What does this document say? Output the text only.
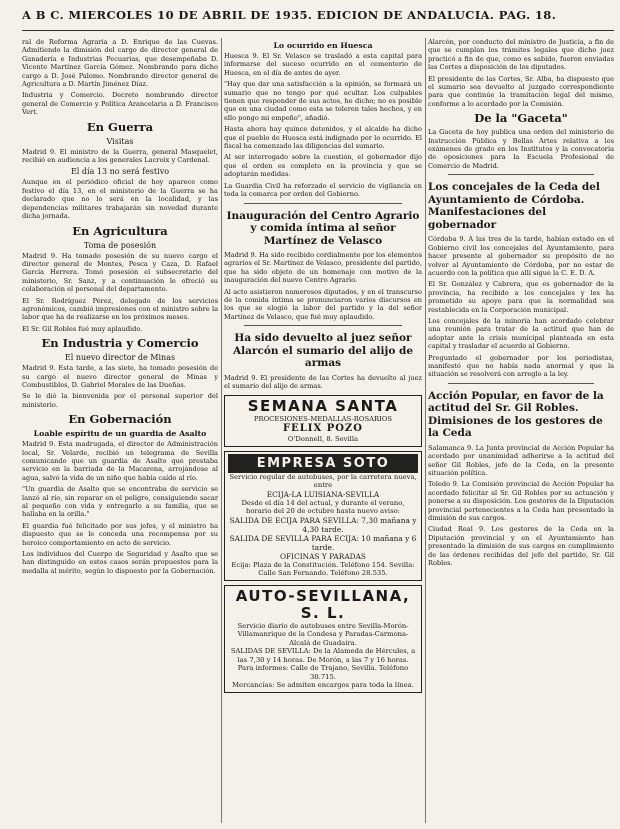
A B C. MIERCOLES 10 DE ABRIL DE 1935. EDICION DE ANDALUCIA. PAG. 18.

ral de Reforma Agraria a D. Enrique de las Cuevas. Admitiendo la dimisión del cargo de director general de Ganadería e Industrias Pecuarias, que desempeñaba D. Vicente Martínez García Gómez. Nombrando para dicho cargo a D. José Palomo. Nombrando director general de Agricultura a D. Martín Jiménez Díaz.

Industria y Comercio. Decreto nombrando director general de Comercio y Política Arancelaria a D. Francisco Vert.

En Guerra
Visitas

Madrid 9. El ministro de la Guerra, general Masquelet, recibió en audiencia a los generales Lacroix y Cardenal.

El día 13 no será festivo

Aunque en el periódico oficial de hoy aparece como festivo el día 13, en el ministerio de la Guerra se ha declarado que no lo será en la localidad, y las dependencias militares trabajarán sin novedad durante dicha jornada.

En Agricultura
Toma de posesión

Madrid 9. Ha tomado posesión de su nuevo cargo el director general de Montes, Pesca y Caza, D. Rafael García Herrera. Tomó posesión el subsecretario del ministerio, Sr. Sanz, y a continuación le ofreció su colaboración el personal del departamento.

El Sr. Rodríguez Pérez, delegado de los servicios agronómicos, cambió impresiones con el ministro sobre la labor que ha de realizarse en los próximos meses.

El Sr. Gil Robles fué muy aplaudido.

En Industria y Comercio
El nuevo director de Minas

Madrid 9. Esta tarde, a las siete, ha tomado posesión de su cargo el nuevo director general de Minas y Combustibles, D. Gabriel Morales de las Dueñas.

Se le dió la bienvenida por el personal superior del ministerio.

En Gobernación
Loable espíritu de un guardia de Asalto

Madrid 9. Esta madrugada, el director de Administración local, Sr. Velarde, recibió un telegrama de Sevilla comunicando que un guardia de Asalto que prestaba servicio en la barriada de la Macarena, arrojándose al agua, salvó la vida de un niño que había caído al río.

"Un guardia de Asalto que se encontraba de servicio se lanzó al río, sin reparar en el peligro, consiguiendo sacar al pequeño con vida y entregarlo a su familia, que se hallaba en la orilla."

El guardia fué felicitado por sus jefes, y el ministro ha dispuesto que se le conceda una recompensa por su heroico comportamiento en acto de servicio.

Los individuos del Cuerpo de Seguridad y Asalto que se han distinguido en estos casos serán propuestos para la medalla al mérito, según lo dispuesto por la Gobernación.

Lo ocurrido en Huesca

Huesca 9. El Sr. Velasco se trasladó a esta capital para informarse del suceso ocurrido en el cementerio de Huesca, en el día de antes de ayer.

"Hay que dar una satisfacción a la opinión, se formará un sumario que no tengo por qué ocultar. Los culpables tienen que responder de sus actos, he dicho; no es posible que en una ciudad como esta se toleren tales hechos, y en ello pongo mi empeño", añadió.

Hasta ahora hay quince detenidos, y el alcalde ha dicho que el pueblo de Huesca está indignado por lo ocurrido. El fiscal ha comenzado las diligencias del sumario.

Al ser interrogado sobre la cuestión, el gobernador dijo que el orden es completo en la provincia y que se adoptarán medidas.

La Guardia Civil ha reforzado el servicio de vigilancia en toda la comarca por orden del Gobierno.

Inauguración del Centro Agrario y comida íntima al señor Martínez de Velasco

Madrid 9. Ha sido recibido cordialmente por los elementos agrarios el Sr. Martínez de Velasco, presidente del partido, que ha sido objeto de un homenaje con motivo de la inauguración del nuevo Centro Agrario.

Al acto asistieron numerosos diputados, y en el transcurso de la comida íntima se pronunciaron varios discursos en los que se elogió la labor del partido y la del señor Martínez de Velasco, que fué muy aplaudido.

Ha sido devuelto al juez señor Alarcón el sumario del alijo de armas

Madrid 9. El presidente de las Cortes ha devuelto al juez el sumario del alijo de armas.

SEMANA SANTA
PROCESIONES-MEDALLAS-ROSARIOS
FELIX POZO
O'Donnell, 8. Sevilla
EMPRESA SOTO
Servicio regular de autobuses, por la carretera nueva, entre
ECIJA-LA LUISIANA-SEVILLA
Desde el día 14 del actual, y durante el verano, horario del 20 de octubre hasta nuevo aviso:
SALIDA DE ECIJA PARA SEVILLA: 7,30 mañana y 4,30 tarde.
SALIDA DE SEVILLA PARA ECIJA: 10 mañana y 6 tarde.
OFICINAS Y PARADAS
Ecija: Plaza de la Constitución. Teléfono 154. Sevilla: Calle San Fernando. Teléfono 28.535.
AUTO-SEVILLANA, S. L.
Servicio diario de autobuses entre Sevilla-Morón-Villamanrique de la Condesa y Paradas-Carmona-Alcalá de Guadaira.
SALIDAS DE SEVILLA: De la Alameda de Hércules, a las 7,30 y 14 horas. De Morón, a las 7 y 16 horas.
Para informes: Calle de Trajano, Sevilla. Teléfono 30.715.
Mercancías: Se admiten encargos para toda la línea.

Alarcón, por conducto del ministro de Justicia, a fin de que se cumplan los trámites legales que dicho juez practicó a fin de que, como es sabido, fueron enviadas las Cortes a disposición de los diputados.

El presidente de las Cortes, Sr. Alba, ha dispuesto que el sumario sea devuelto al juzgado correspondiente para que continúe la tramitación legal del mismo, conforme a lo acordado por la Comisión.

De la "Gaceta"

La Gaceta de hoy publica una orden del ministerio de Instrucción Pública y Bellas Artes relativa a los exámenes de grado en los Institutos y la convocatoria de oposiciones para la Escuela Profesional de Comercio de Madrid.

Los concejales de la Ceda del Ayuntamiento de Córdoba. Manifestaciones del gobernador

Córdoba 9. A las tres de la tarde, habían estado en el Gobierno civil los concejales del Ayuntamiento, para hacer presente al gobernador su propósito de no volver al Ayuntamiento de Córdoba, por no estar de acuerdo con la política que allí sigue la C. E. D. A.

El Sr. González y Cabrera, que es gobernador de la provincia, ha recibido a los concejales y les ha prometido su apoyo para que la normalidad sea restablecida en la Corporación municipal.

Los concejales de la minoría han acordado celebrar una reunión para tratar de la actitud que han de adoptar ante la crisis municipal planteada en esta capital y trasladar el acuerdo al Gobierno.

Preguntado el gobernador por los periodistas, manifestó que no había nada anormal y que la situación se resolverá con arreglo a la ley.

Acción Popular, en favor de la actitud del Sr. Gil Robles. Dimisiones de los gestores de la Ceda

Salamanca 9. La Junta provincial de Acción Popular ha acordado por unanimidad adherirse a la actitud del señor Gil Robles, jefe de la Ceda, en la presente situación política.

Toledo 9. La Comisión provincial de Acción Popular ha acordado felicitar al Sr. Gil Robles por su actuación y ponerse a su disposición. Los gestores de la Diputación provincial pertenecientes a la Ceda han presentado la dimisión de sus cargos.

Ciudad Real 9. Los gestores de la Ceda en la Diputación provincial y en el Ayuntamiento han presentado la dimisión de sus cargos en cumplimiento de las órdenes recibidas del jefe del partido, Sr. Gil Robles.
